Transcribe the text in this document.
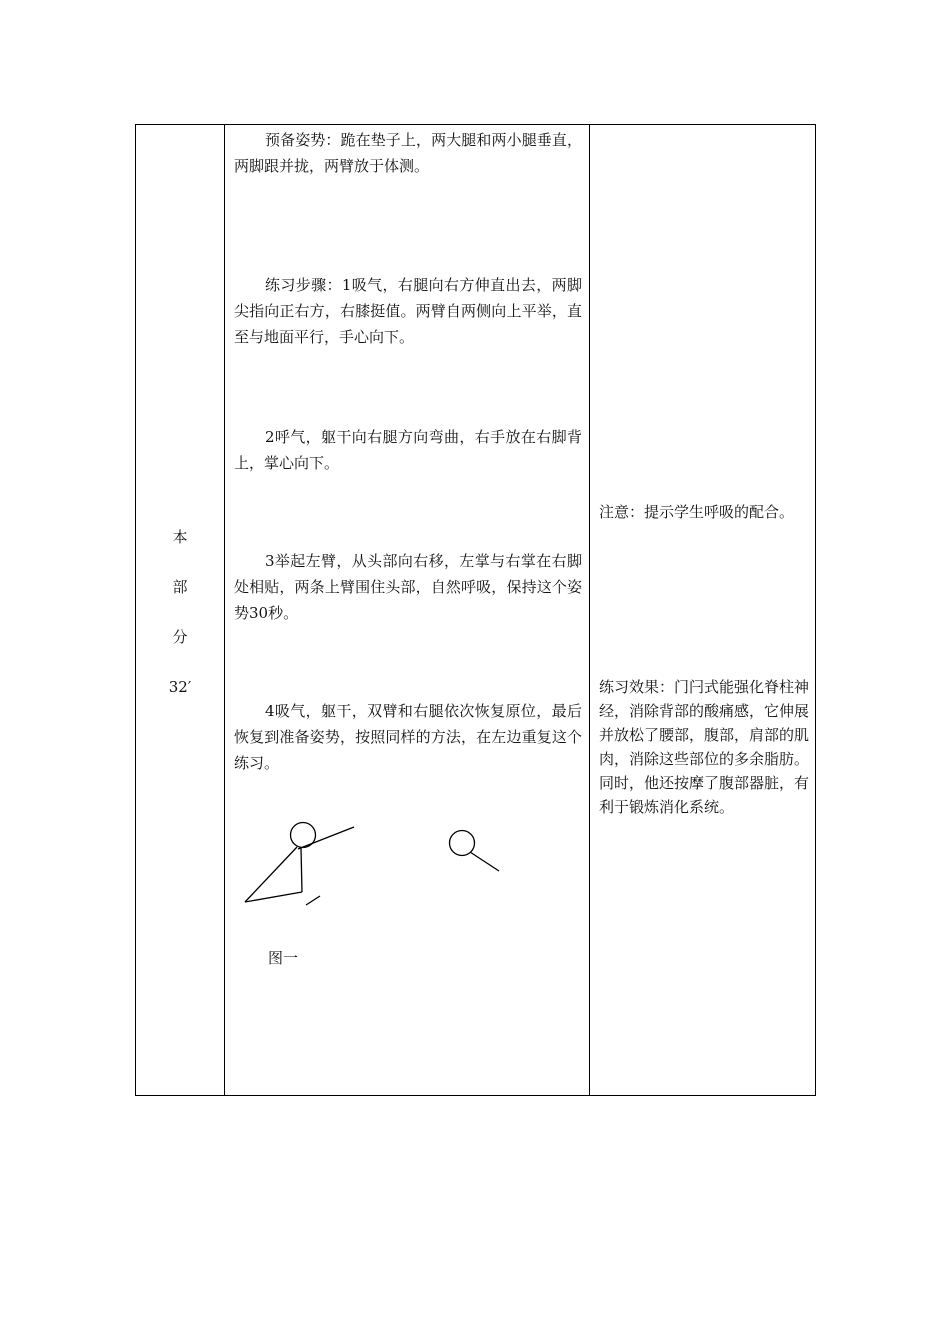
本
部
分
32′

预备姿势：跪在垫子上，两大腿和两小腿垂直，两脚跟并拢，两臂放于体测。

练习步骤：1吸气，右腿向右方伸直出去，两脚尖指向正右方，右膝挺值。两臂自两侧向上平举，直至与地面平行，手心向下。

2呼气，躯干向右腿方向弯曲，右手放在右脚背上，掌心向下。

3举起左臂，从头部向右移，左掌与右掌在右脚处相贴，两条上臂围住头部，自然呼吸，保持这个姿势30秒。

4吸气，躯干，双臂和右腿依次恢复原位，最后恢复到准备姿势，按照同样的方法，在左边重复这个练习。

图一

注意：提示学生呼吸的配合。

练习效果：门闩式能强化脊柱神经，消除背部的酸痛感，它伸展并放松了腰部，腹部，肩部的肌肉，消除这些部位的多余脂肪。同时，他还按摩了腹部器脏，有利于锻炼消化系统。
